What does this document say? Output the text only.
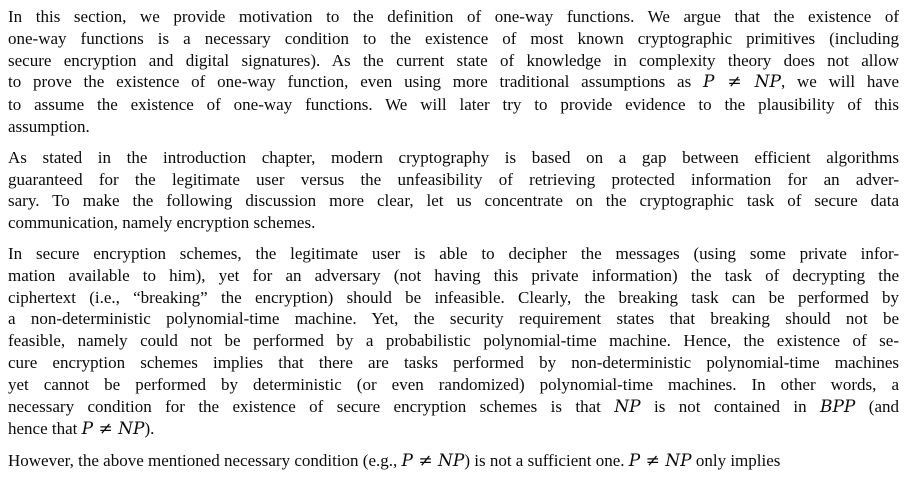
In this section, we provide motivation to the definition of one-way functions. We argue that the existence of
one-way functions is a necessary condition to the existence of most known cryptographic primitives (including
secure encryption and digital signatures). As the current state of knowledge in complexity theory does not allow
to prove the existence of one-way function, even using more traditional assumptions as P ≠ NP, we will have
to assume the existence of one-way functions. We will later try to provide evidence to the plausibility of this
assumption.
As stated in the introduction chapter, modern cryptography is based on a gap between efficient algorithms
guaranteed for the legitimate user versus the unfeasibility of retrieving protected information for an adver-
sary. To make the following discussion more clear, let us concentrate on the cryptographic task of secure data
communication, namely encryption schemes.
In secure encryption schemes, the legitimate user is able to decipher the messages (using some private infor-
mation available to him), yet for an adversary (not having this private information) the task of decrypting the
ciphertext (i.e., “breaking” the encryption) should be infeasible. Clearly, the breaking task can be performed by
a non-deterministic polynomial-time machine. Yet, the security requirement states that breaking should not be
feasible, namely could not be performed by a probabilistic polynomial-time machine. Hence, the existence of se-
cure encryption schemes implies that there are tasks performed by non-deterministic polynomial-time machines
yet cannot be performed by deterministic (or even randomized) polynomial-time machines. In other words, a
necessary condition for the existence of secure encryption schemes is that NP is not contained in BPP (and
hence that P ≠ NP).
However, the above mentioned necessary condition (e.g., P ≠ NP) is not a sufficient one. P ≠ NP only implies
